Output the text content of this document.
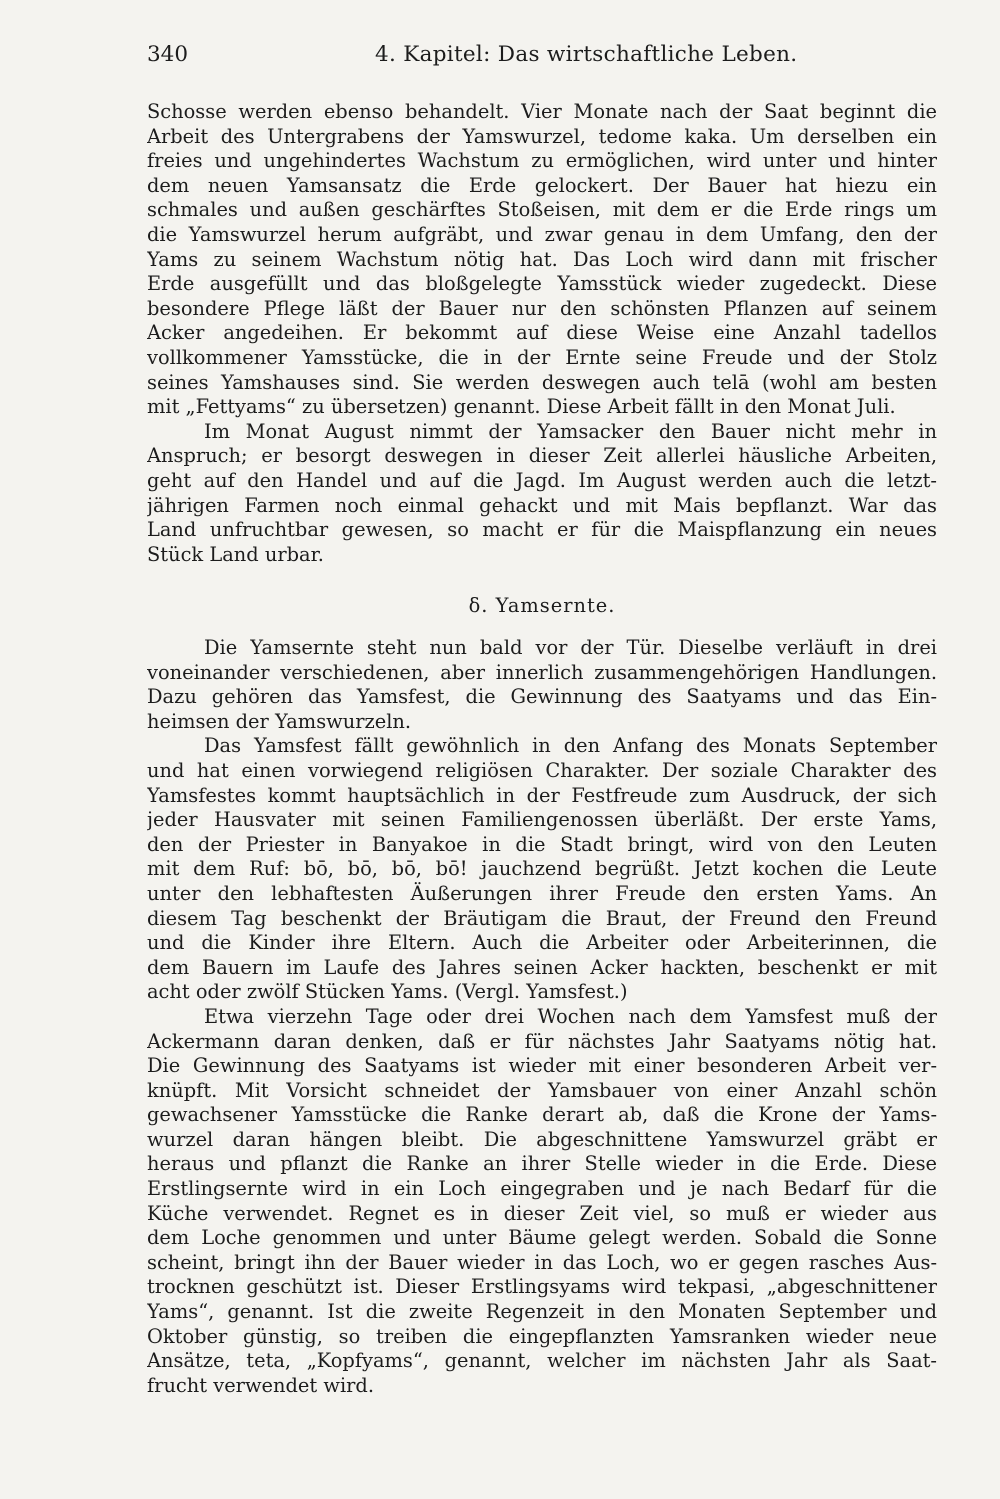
340	4. Kapitel: Das wirtschaftliche Leben.
Schosse werden ebenso behandelt. Vier Monate nach der Saat beginnt die
Arbeit des Untergrabens der Yamswurzel, tedome kaka. Um derselben ein
freies und ungehindertes Wachstum zu ermöglichen, wird unter und hinter
dem neuen Yamsansatz die Erde gelockert. Der Bauer hat hiezu ein
schmales und außen geschärftes Stoßeisen, mit dem er die Erde rings um
die Yamswurzel herum aufgräbt, und zwar genau in dem Umfang, den der
Yams zu seinem Wachstum nötig hat. Das Loch wird dann mit frischer
Erde ausgefüllt und das bloßgelegte Yamsstück wieder zugedeckt. Diese
besondere Pflege läßt der Bauer nur den schönsten Pflanzen auf seinem
Acker angedeihen. Er bekommt auf diese Weise eine Anzahl tadellos
vollkommener Yamsstücke, die in der Ernte seine Freude und der Stolz
seines Yamshauses sind. Sie werden deswegen auch telā (wohl am besten
mit „Fettyams“ zu übersetzen) genannt. Diese Arbeit fällt in den Monat Juli.
Im Monat August nimmt der Yamsacker den Bauer nicht mehr in
Anspruch; er besorgt deswegen in dieser Zeit allerlei häusliche Arbeiten,
geht auf den Handel und auf die Jagd. Im August werden auch die letzt-
jährigen Farmen noch einmal gehackt und mit Mais bepflanzt. War das
Land unfruchtbar gewesen, so macht er für die Maispflanzung ein neues
Stück Land urbar.
δ. Yamsernte.
Die Yamsernte steht nun bald vor der Tür. Dieselbe verläuft in drei
voneinander verschiedenen, aber innerlich zusammengehörigen Handlungen.
Dazu gehören das Yamsfest, die Gewinnung des Saatyams und das Ein-
heimsen der Yamswurzeln.
Das Yamsfest fällt gewöhnlich in den Anfang des Monats September
und hat einen vorwiegend religiösen Charakter. Der soziale Charakter des
Yamsfestes kommt hauptsächlich in der Festfreude zum Ausdruck, der sich
jeder Hausvater mit seinen Familiengenossen überläßt. Der erste Yams,
den der Priester in Banyakoe in die Stadt bringt, wird von den Leuten
mit dem Ruf: bō, bō, bō, bō! jauchzend begrüßt. Jetzt kochen die Leute
unter den lebhaftesten Äußerungen ihrer Freude den ersten Yams. An
diesem Tag beschenkt der Bräutigam die Braut, der Freund den Freund
und die Kinder ihre Eltern. Auch die Arbeiter oder Arbeiterinnen, die
dem Bauern im Laufe des Jahres seinen Acker hackten, beschenkt er mit
acht oder zwölf Stücken Yams. (Vergl. Yamsfest.)
Etwa vierzehn Tage oder drei Wochen nach dem Yamsfest muß der
Ackermann daran denken, daß er für nächstes Jahr Saatyams nötig hat.
Die Gewinnung des Saatyams ist wieder mit einer besonderen Arbeit ver-
knüpft. Mit Vorsicht schneidet der Yamsbauer von einer Anzahl schön
gewachsener Yamsstücke die Ranke derart ab, daß die Krone der Yams-
wurzel daran hängen bleibt. Die abgeschnittene Yamswurzel gräbt er
heraus und pflanzt die Ranke an ihrer Stelle wieder in die Erde. Diese
Erstlingsernte wird in ein Loch eingegraben und je nach Bedarf für die
Küche verwendet. Regnet es in dieser Zeit viel, so muß er wieder aus
dem Loche genommen und unter Bäume gelegt werden. Sobald die Sonne
scheint, bringt ihn der Bauer wieder in das Loch, wo er gegen rasches Aus-
trocknen geschützt ist. Dieser Erstlingsyams wird tekpasi, „abgeschnittener
Yams“, genannt. Ist die zweite Regenzeit in den Monaten September und
Oktober günstig, so treiben die eingepflanzten Yamsranken wieder neue
Ansätze, teta, „Kopfyams“, genannt, welcher im nächsten Jahr als Saat-
frucht verwendet wird.
